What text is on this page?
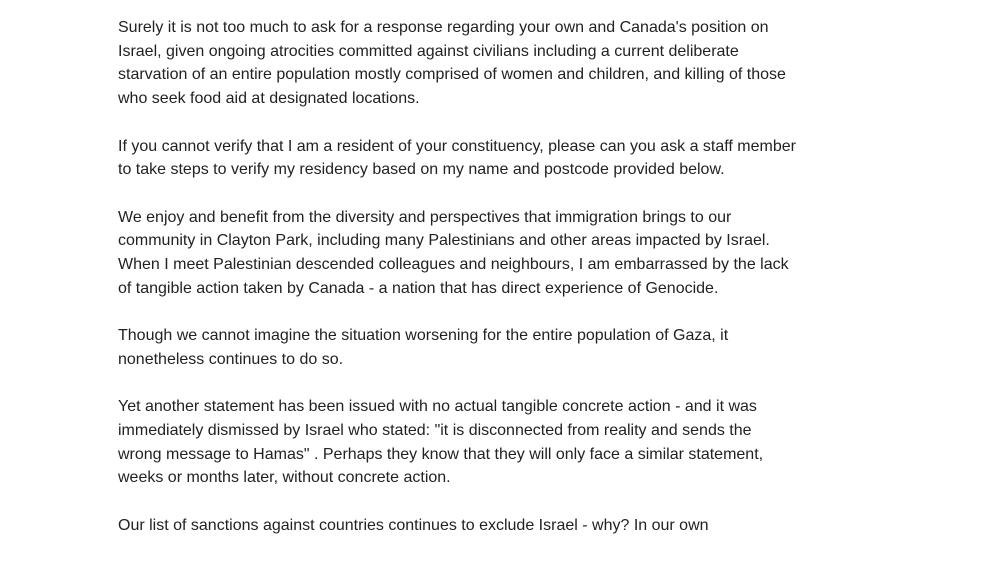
Surely it is not too much to ask for a response regarding your own and Canada's position on
Israel, given ongoing atrocities committed against civilians including a current deliberate
starvation of an entire population mostly comprised of women and children, and killing of those
who seek food aid at designated locations.

If you cannot verify that I am a resident of your constituency, please can you ask a staff member
to take steps to verify my residency based on my name and postcode provided below.

We enjoy and benefit from the diversity and perspectives that immigration brings to our
community in Clayton Park, including many Palestinians and other areas impacted by Israel.
When I meet Palestinian descended colleagues and neighbours, I am embarrassed by the lack
of tangible action taken by Canada - a nation that has direct experience of Genocide.

Though we cannot imagine the situation worsening for the entire population of Gaza, it
nonetheless continues to do so.

Yet another statement has been issued with no actual tangible concrete action - and it was
immediately dismissed by Israel who stated: "it is disconnected from reality and sends the
wrong message to Hamas" . Perhaps they know that they will only face a similar statement,
weeks or months later, without concrete action.

Our list of sanctions against countries continues to exclude Israel - why? In our own
